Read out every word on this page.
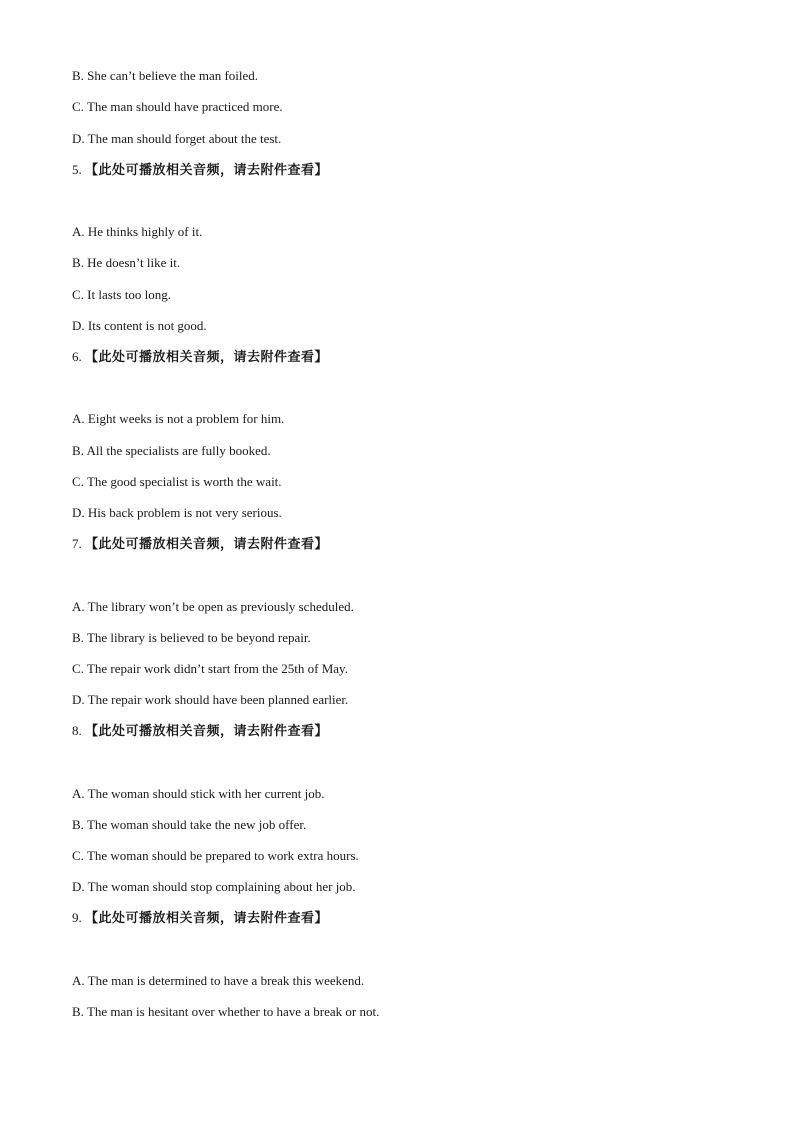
B. She can’t believe the man foiled.
C. The man should have practiced more.
D. The man should forget about the test.
5. 【此处可播放相关音频，请去附件查看】
A. He thinks highly of it.
B. He doesn’t like it.
C. It lasts too long.
D. Its content is not good.
6. 【此处可播放相关音频，请去附件查看】
A. Eight weeks is not a problem for him.
B. All the specialists are fully booked.
C. The good specialist is worth the wait.
D. His back problem is not very serious.
7. 【此处可播放相关音频，请去附件查看】
A. The library won’t be open as previously scheduled.
B. The library is believed to be beyond repair.
C. The repair work didn’t start from the 25th of May.
D. The repair work should have been planned earlier.
8. 【此处可播放相关音频，请去附件查看】
A. The woman should stick with her current job.
B. The woman should take the new job offer.
C. The woman should be prepared to work extra hours.
D. The woman should stop complaining about her job.
9. 【此处可播放相关音频，请去附件查看】
A. The man is determined to have a break this weekend.
B. The man is hesitant over whether to have a break or not.
